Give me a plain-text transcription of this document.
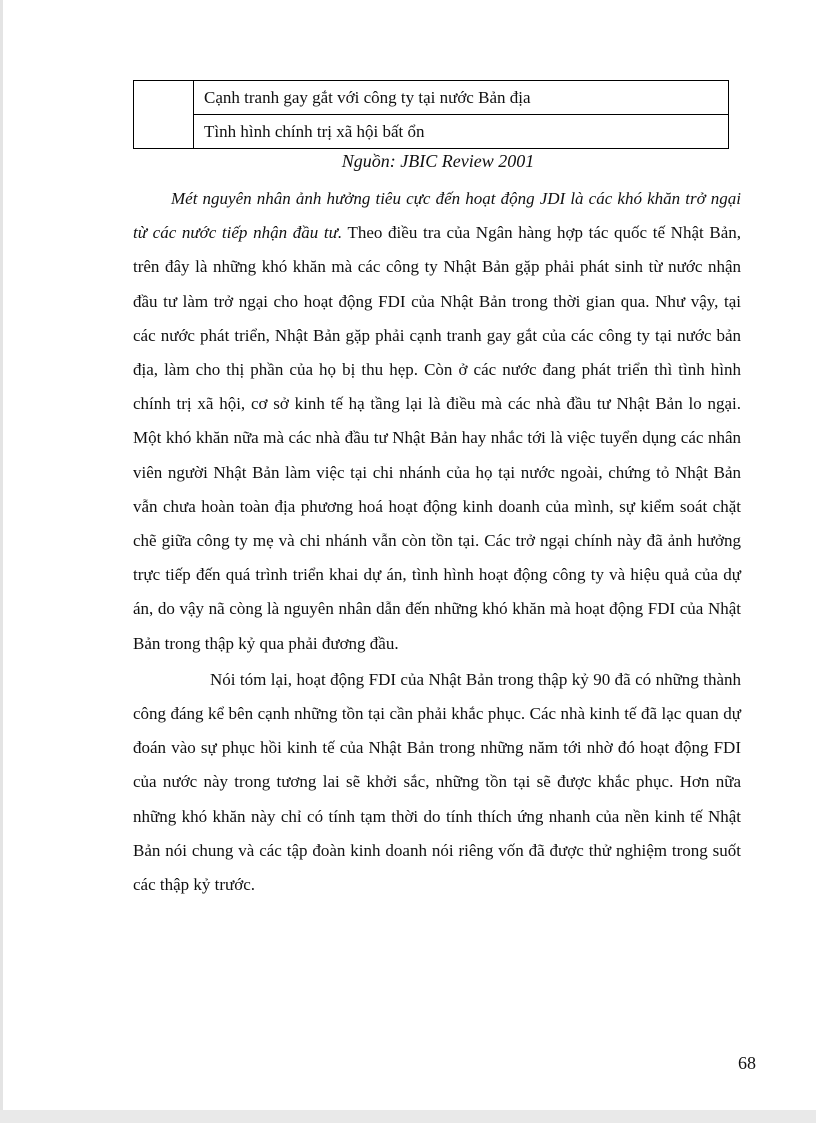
	Cạnh tranh gay gắt với công ty tại nước Bản địa
Tình hình chính trị xã hội bất ổn
Nguồn: JBIC Review 2001

Mét nguyên nhân ảnh hưởng tiêu cực đến hoạt động JDI là các khó khăn trở ngại từ các nước tiếp nhận đầu tư. Theo điều tra của Ngân hàng hợp tác quốc tế Nhật Bản, trên đây là những khó khăn mà các công ty Nhật Bản gặp phải phát sinh từ nước nhận đầu tư làm trở ngại cho hoạt động FDI của Nhật Bản trong thời gian qua. Như vậy, tại các nước phát triển, Nhật Bản gặp phải cạnh tranh gay gắt của các công ty tại nước bản địa, làm cho thị phần của họ bị thu hẹp. Còn ở các nước đang phát triển thì tình hình chính trị xã hội, cơ sở kinh tế hạ tầng lại là điều mà các nhà đầu tư Nhật Bản lo ngại. Một khó khăn nữa mà các nhà đầu tư Nhật Bản hay nhắc tới là việc tuyển dụng các nhân viên người Nhật Bản làm việc tại chi nhánh của họ tại nước ngoài, chứng tỏ Nhật Bản vẫn chưa hoàn toàn địa phương hoá hoạt động kinh doanh của mình, sự kiểm soát chặt chẽ giữa công ty mẹ và chi nhánh vẫn còn tồn tại. Các trở ngại chính này đã ảnh hưởng trực tiếp đến quá trình triển khai dự án, tình hình hoạt động công ty và hiệu quả của dự án, do vậy nã còng là nguyên nhân dẫn đến những khó khăn mà hoạt động FDI của Nhật Bản trong thập kỷ qua phải đương đầu.

Nói tóm lại, hoạt động FDI của Nhật Bản trong thập kỷ 90 đã có những thành công đáng kể bên cạnh những tồn tại cần phải khắc phục. Các nhà kinh tế đã lạc quan dự đoán vào sự phục hồi kinh tế của Nhật Bản trong những năm tới nhờ đó hoạt động FDI của nước này trong tương lai sẽ khởi sắc, những tồn tại sẽ được khắc phục. Hơn nữa những khó khăn này chỉ có tính tạm thời do tính thích ứng nhanh của nền kinh tế Nhật Bản nói chung và các tập đoàn kinh doanh nói riêng vốn đã được thử nghiệm trong suốt các thập kỷ trước.

68
